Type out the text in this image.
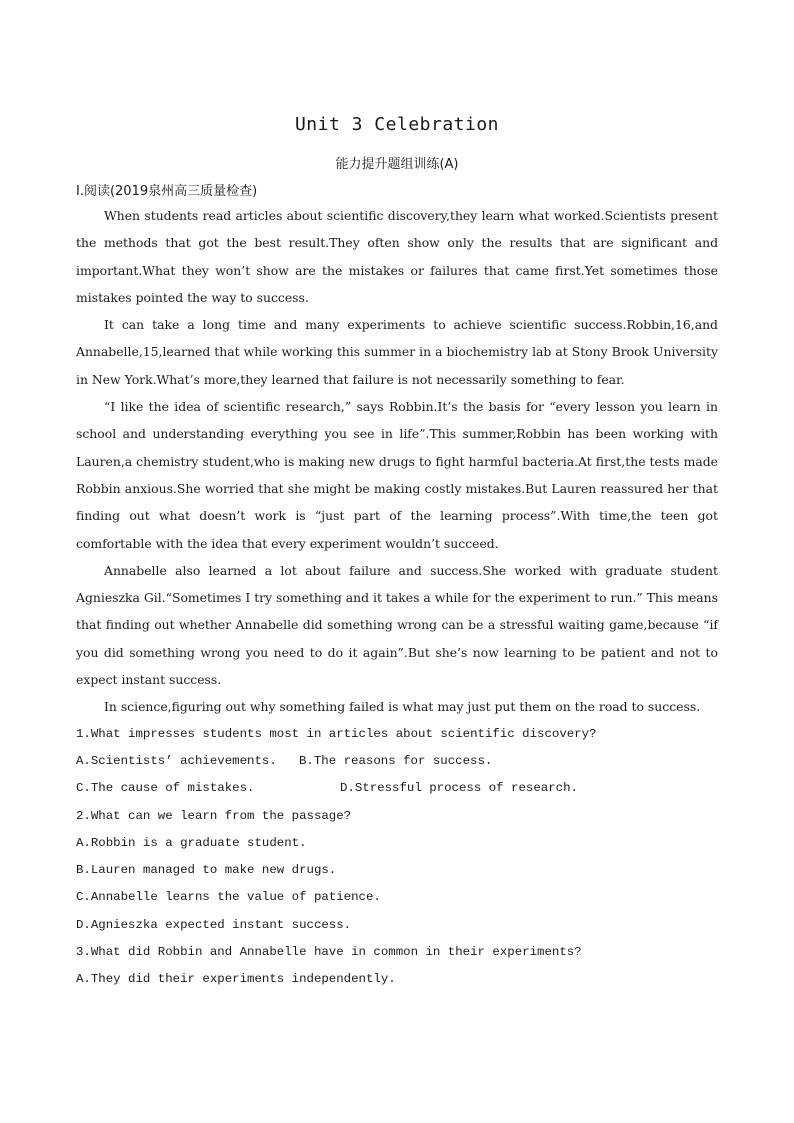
Unit 3 Celebration
能力提升题组训练(A)
Ⅰ.阅读(2019泉州高三质量检查)

When students read articles about scientific discovery,they learn what worked.Scientists present the methods that got the best result.They often show only the results that are significant and important.What they won’t show are the mistakes or failures that came first.Yet sometimes those mistakes pointed the way to success.

It can take a long time and many experiments to achieve scientific success.Robbin,16,and Annabelle,15,learned that while working this summer in a biochemistry lab at Stony Brook University in New York.What’s more,they learned that failure is not necessarily something to fear.

“I like the idea of scientific research,” says Robbin.It’s the basis for “every lesson you learn in school and understanding everything you see in life”.This summer,Robbin has been working with Lauren,a chemistry student,who is making new drugs to fight harmful bacteria.At first,the tests made Robbin anxious.She worried that she might be making costly mistakes.But Lauren reassured her that finding out what doesn’t work is “just part of the learning process”.With time,the teen got comfortable with the idea that every experiment wouldn’t succeed.

Annabelle also learned a lot about failure and success.She worked with graduate student Agnieszka Gil.“Sometimes I try something and it takes a while for the experiment to run.” This means that finding out whether Annabelle did something wrong can be a stressful waiting game,because “if you did something wrong you need to do it again”.But she’s now learning to be patient and not to expect instant success.

In science,figuring out why something failed is what may just put them on the road to success.

1.What impresses students most in articles about scientific discovery?

A.Scientists’ achievements.	B.The reasons for success.

C.The cause of mistakes.	D.Stressful process of research.

2.What can we learn from the passage?

A.Robbin is a graduate student.

B.Lauren managed to make new drugs.

C.Annabelle learns the value of patience.

D.Agnieszka expected instant success.

3.What did Robbin and Annabelle have in common in their experiments?

A.They did their experiments independently.
